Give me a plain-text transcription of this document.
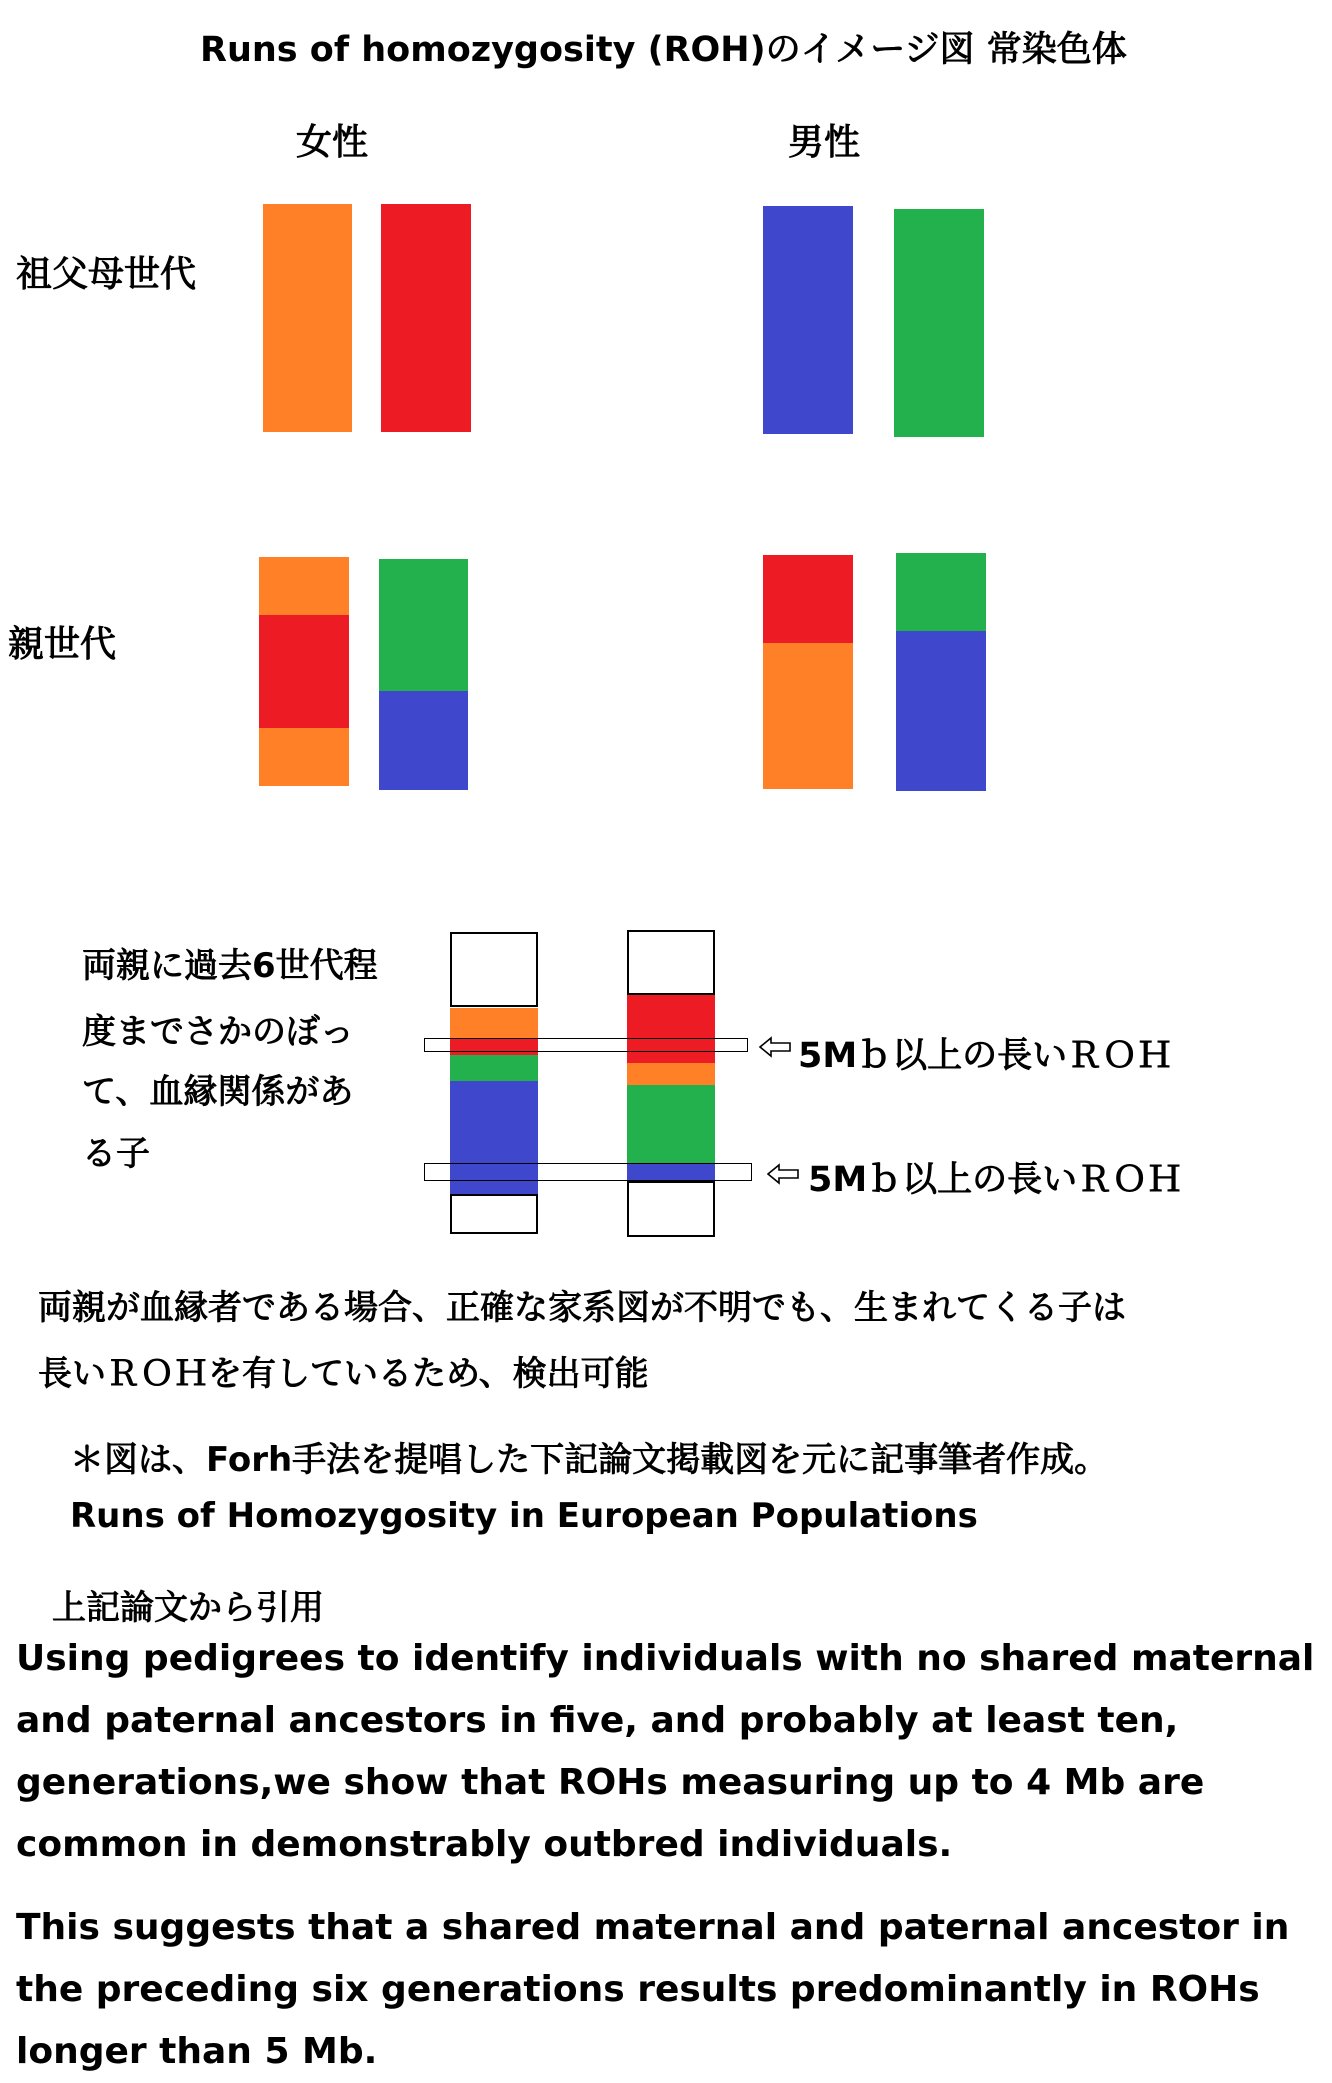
Runs of homozygosity (ROH)のイメージ図 常染色体
女性	男性
祖父母世代
親世代
両親に過去6世代程
度までさかのぼっ
て、血縁関係があ
る子
5Mｂ以上の長いＲＯＨ
5Mｂ以上の長いＲＯＨ
両親が血縁者である場合、正確な家系図が不明でも、生まれてくる子は
長いＲＯＨを有しているため、検出可能
＊図は、Forh手法を提唱した下記論文掲載図を元に記事筆者作成。
Runs of Homozygosity in European Populations
上記論文から引用
Using pedigrees to identify individuals with no shared maternal and paternal ancestors in five, and probably at least ten, generations,we show that ROHs measuring up to 4 Mb are common in demonstrably outbred individuals.
This suggests that a shared maternal and paternal ancestor in the preceding six generations results predominantly in ROHs longer than 5 Mb.
